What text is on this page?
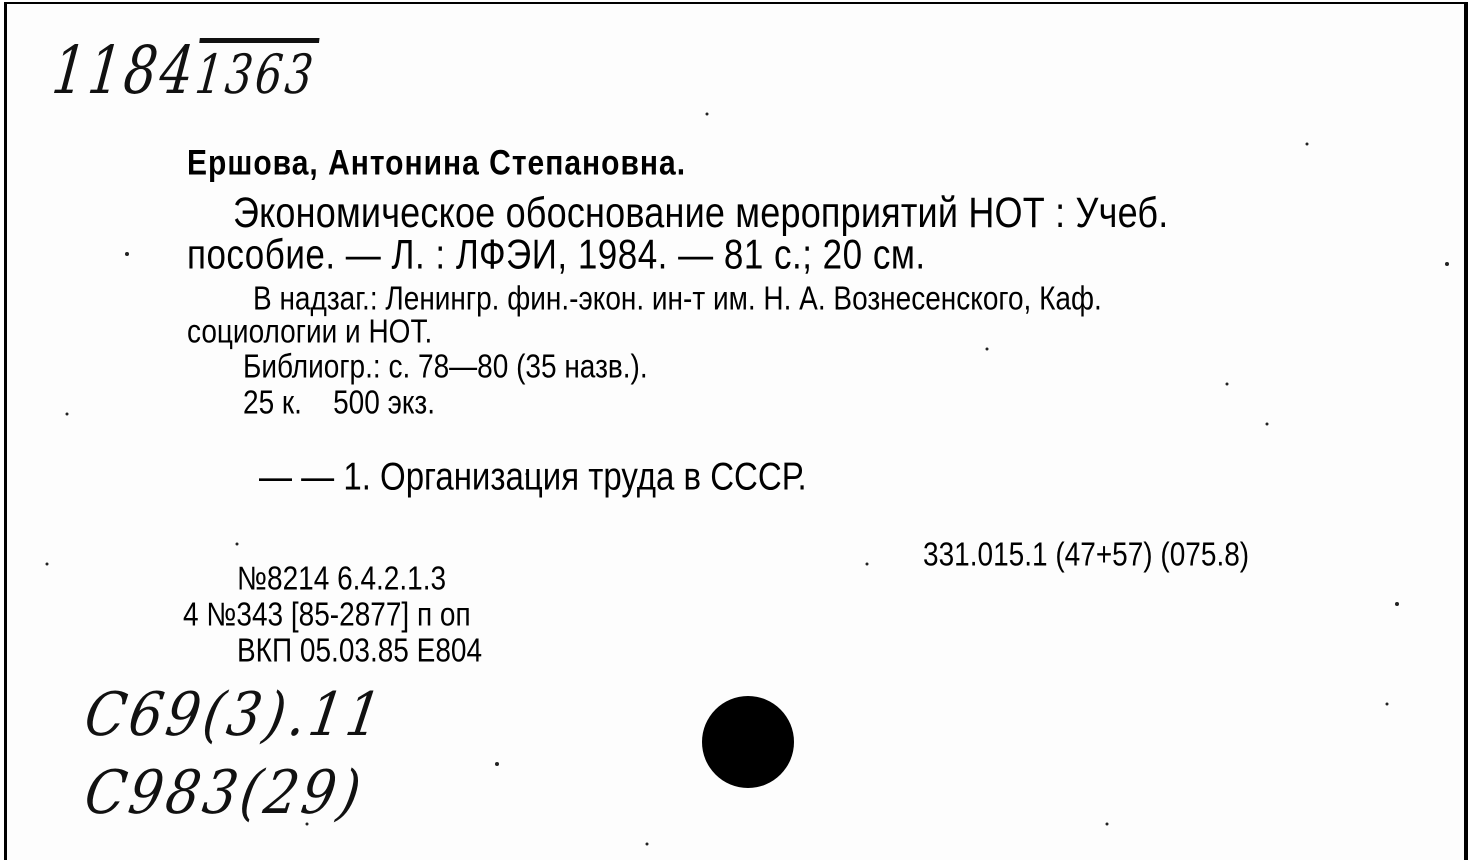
11841363
Ершова, Антонина Степановна.
Экономическое обоснование мероприятий НОТ : Учеб.
пособие. — Л. : ЛФЭИ, 1984. — 81 с.; 20 см.
В надзаг.: Ленингр. фин.-экон. ин-т им. Н. А. Вознесенского, Каф.
социологии и НОТ.
Библиогр.: с. 78—80 (35 назв.).
25 к.    500 экз.
— — 1. Организация труда в СССР.
331.015.1 (47+57) (075.8)
№8214 6.4.2.1.3
4 №343 [85-2877] п оп
ВКП 05.03.85 Е804
С69(3).11
С983(29)
